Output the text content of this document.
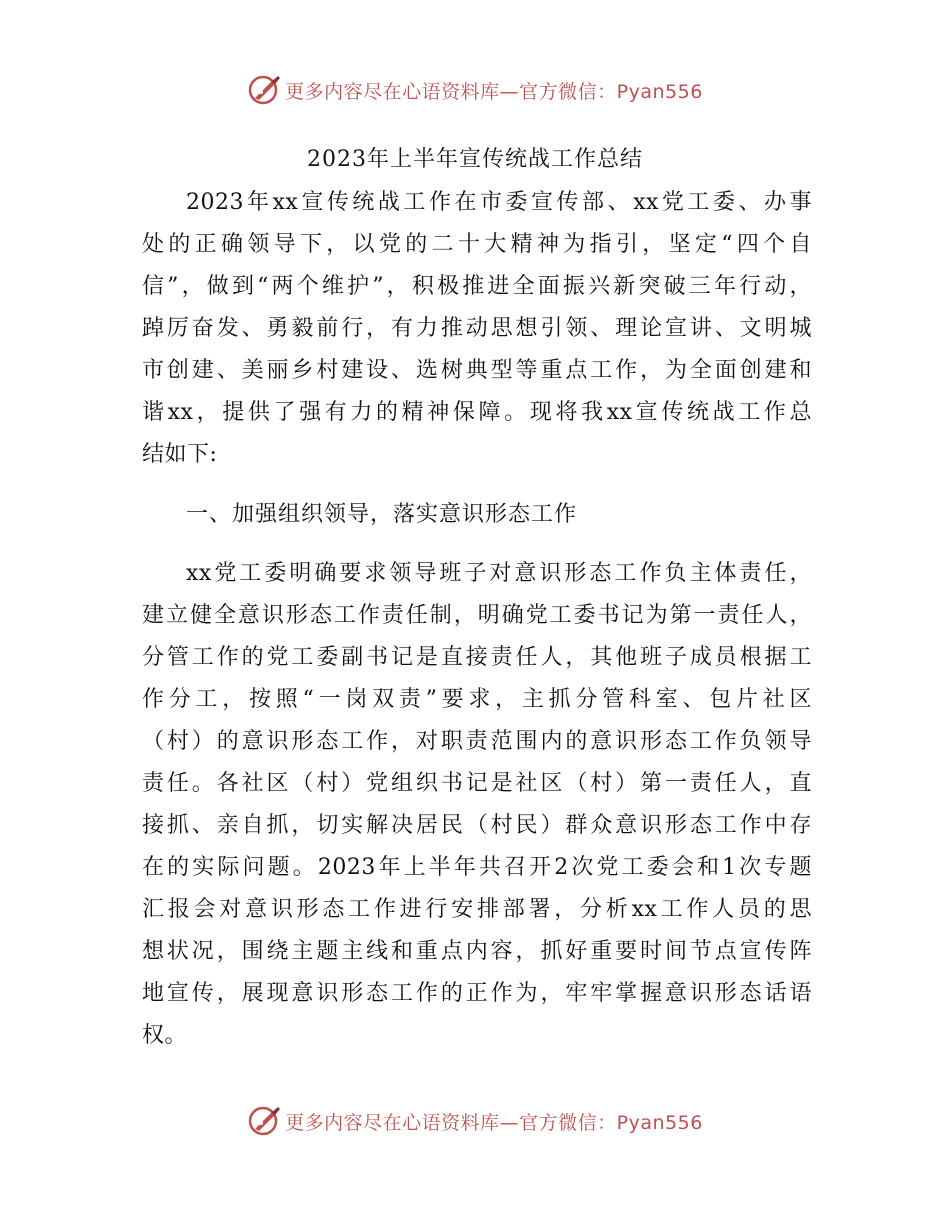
更多内容尽在心语资料库—官方微信：Pyan556
2023年上半年宣传统战工作总结
2023年xx宣传统战工作在市委宣传部、xx党工委、办事
处的正确领导下，以党的二十大精神为指引，坚定“四个自
信”，做到“两个维护”，积极推进全面振兴新突破三年行动，
踔厉奋发、勇毅前行，有力推动思想引领、理论宣讲、文明城
市创建、美丽乡村建设、选树典型等重点工作，为全面创建和
谐xx，提供了强有力的精神保障。现将我xx宣传统战工作总
结如下:
一、加强组织领导，落实意识形态工作
xx党工委明确要求领导班子对意识形态工作负主体责任，
建立健全意识形态工作责任制，明确党工委书记为第一责任人，
分管工作的党工委副书记是直接责任人，其他班子成员根据工
作分工，按照“一岗双责”要求，主抓分管科室、包片社区
（村）的意识形态工作，对职责范围内的意识形态工作负领导
责任。各社区（村）党组织书记是社区（村）第一责任人，直
接抓、亲自抓，切实解决居民（村民）群众意识形态工作中存
在的实际问题。2023年上半年共召开2次党工委会和1次专题
汇报会对意识形态工作进行安排部署，分析xx工作人员的思
想状况，围绕主题主线和重点内容，抓好重要时间节点宣传阵
地宣传，展现意识形态工作的正作为，牢牢掌握意识形态话语
权。
更多内容尽在心语资料库—官方微信：Pyan556
